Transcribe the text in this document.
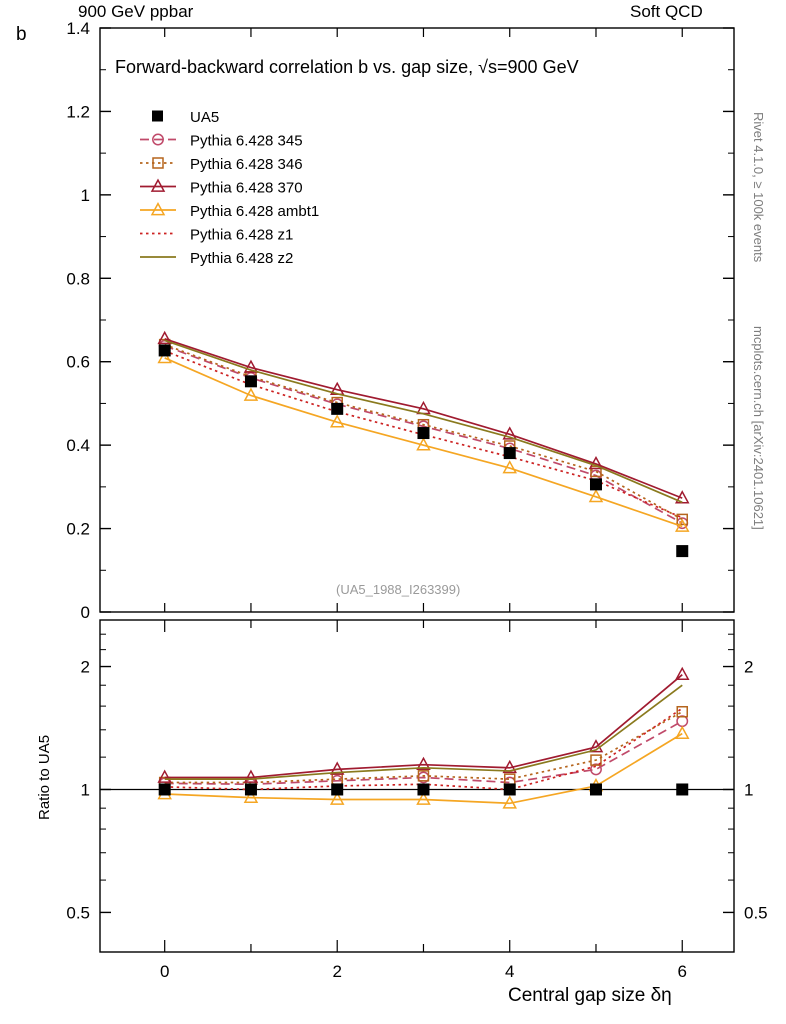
900 GeV ppbar	Soft QCD
Rivet 4.1.0, ≥ 100k events
mcplots.cern.ch [arXiv:2401.10621]
b
Ratio to UA5
Central gap size δη
Forward-backward correlation b vs. gap size, √s=900 GeV
(UA5_1988_I263399)
0
0.2
0.4
0.6
0.8
1
1.2
1.4
0.5	0.5
1	1
2	2
0	2	4	6
UA5
Pythia 6.428 345
Pythia 6.428 346
Pythia 6.428 370
Pythia 6.428 ambt1
Pythia 6.428 z1
Pythia 6.428 z2
